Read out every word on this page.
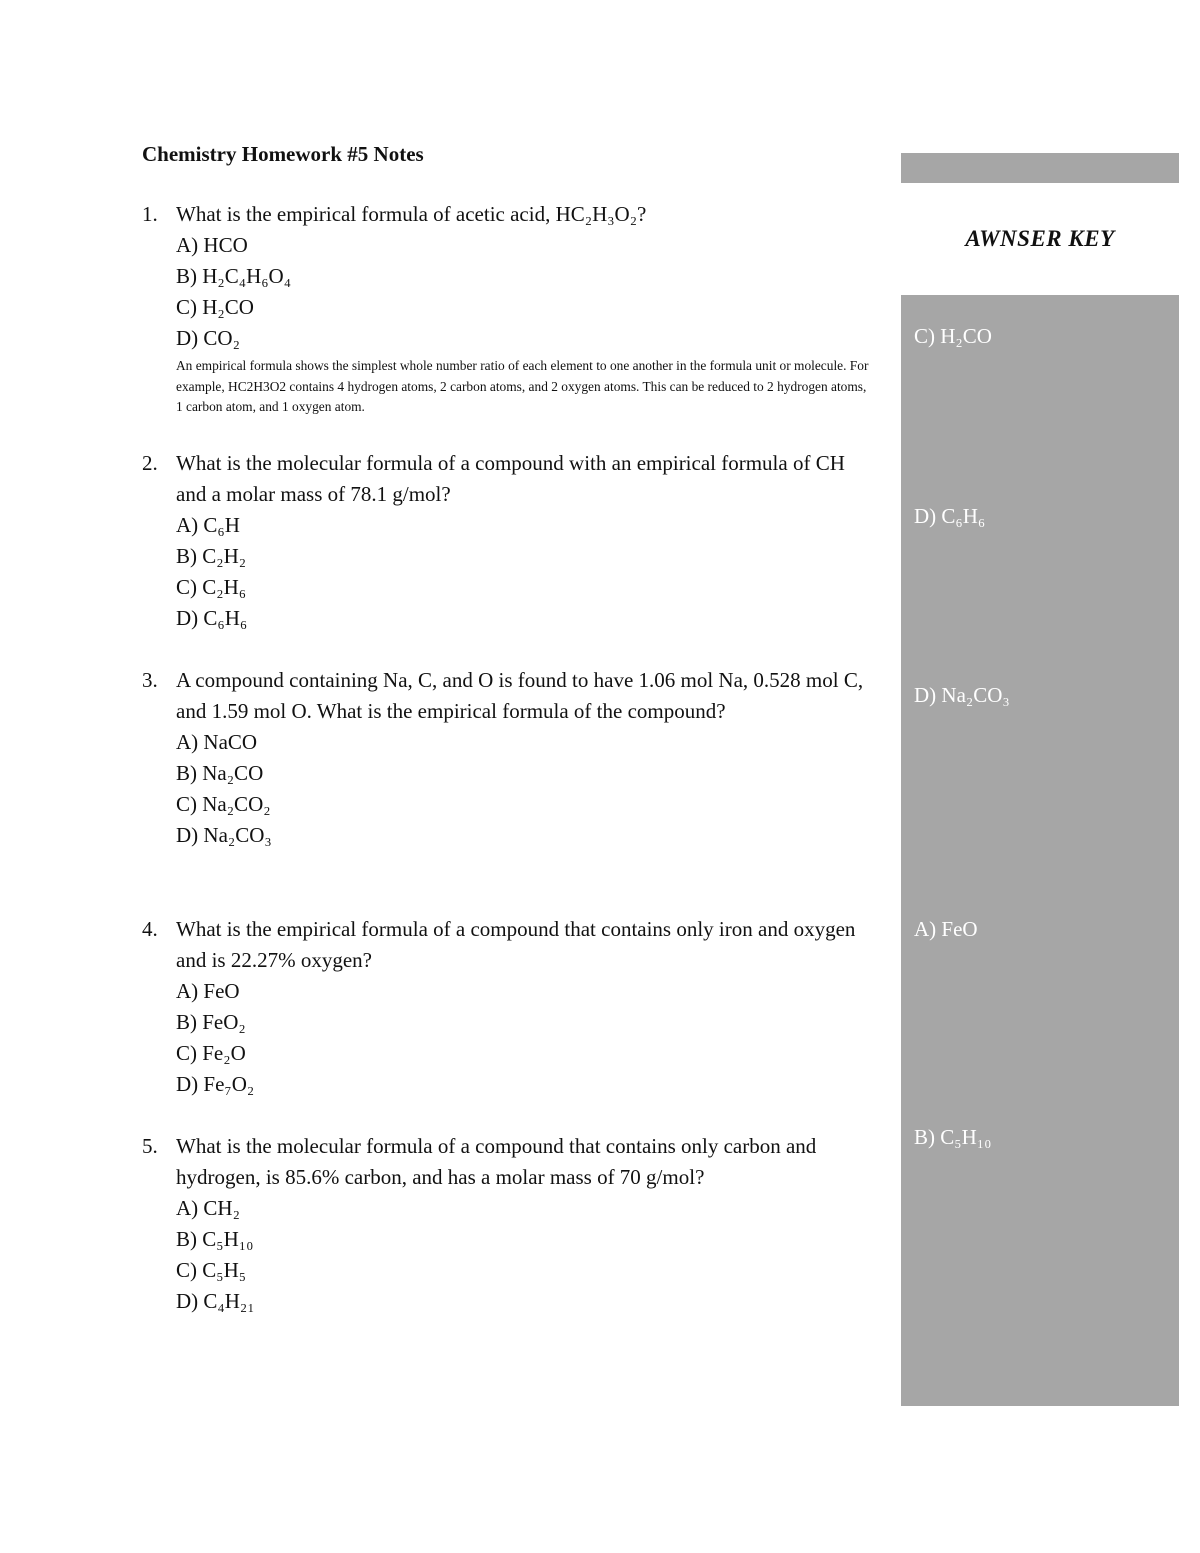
Chemistry Homework #5 Notes
1. What is the empirical formula of acetic acid, HC₂H₃O₂?
A) HCO
B) H₂C₄H₆O₄
C) H₂CO
D) CO₂
An empirical formula shows the simplest whole number ratio of each element to one another in the formula unit or molecule. For example, HC2H3O2 contains 4 hydrogen atoms, 2 carbon atoms, and 2 oxygen atoms. This can be reduced to 2 hydrogen atoms, 1 carbon atom, and 1 oxygen atom.
2. What is the molecular formula of a compound with an empirical formula of CH and a molar mass of 78.1 g/mol?
A) C₆H
B) C₂H₂
C) C₂H₆
D) C₆H₆
3. A compound containing Na, C, and O is found to have 1.06 mol Na, 0.528 mol C, and 1.59 mol O. What is the empirical formula of the compound?
A) NaCO
B) Na₂CO
C) Na₂CO₂
D) Na₂CO₃
4. What is the empirical formula of a compound that contains only iron and oxygen and is 22.27% oxygen?
A) FeO
B) FeO₂
C) Fe₂O
D) Fe₇O₂
5. What is the molecular formula of a compound that contains only carbon and hydrogen, is 85.6% carbon, and has a molar mass of 70 g/mol?
A) CH₂
B) C₅H₁₀
C) C₅H₅
D) C₄H₂₁
AWNSER KEY
C) H₂CO
D) C₆H₆
D) Na₂CO₃
A) FeO
B) C₅H₁₀
